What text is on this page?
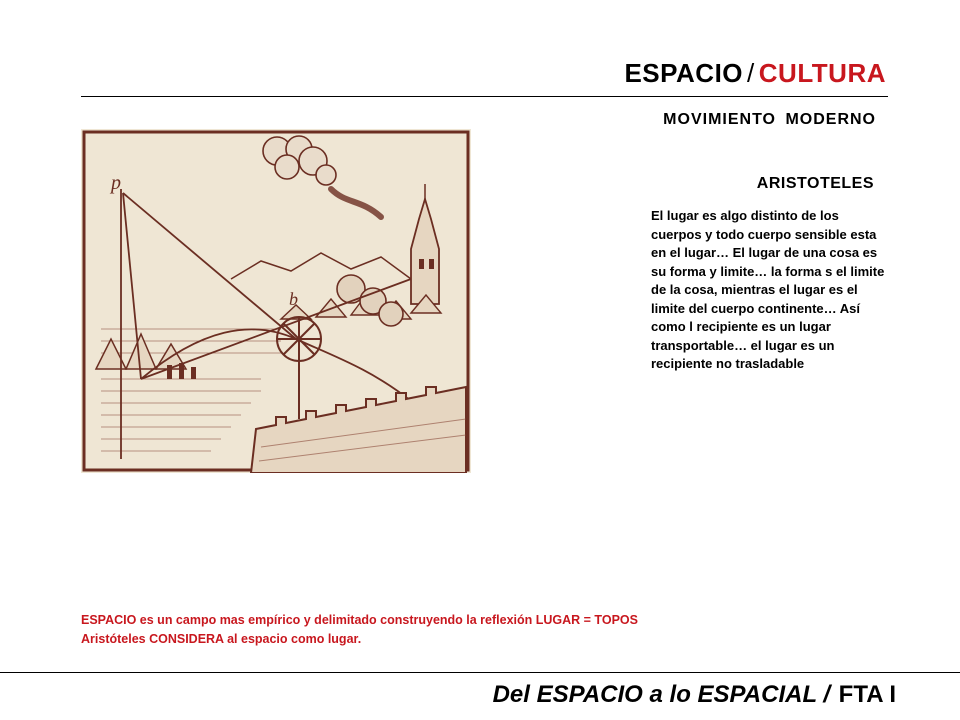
ESPACIO / CULTURA
MOVIMIENTO MODERNO
p
b
ARISTOTELES
El lugar es algo distinto de los cuerpos y todo cuerpo sensible esta en el lugar… El lugar de una cosa es su forma y limite… la forma s el limite de la cosa, mientras el lugar es el limite del cuerpo continente… Así como l recipiente es un lugar transportable… el lugar es un recipiente no trasladable
ESPACIO es un campo mas empírico y delimitado construyendo la reflexión LUGAR = TOPOS
Aristóteles CONSIDERA al espacio como lugar.
Del ESPACIO a lo ESPACIAL / FTA I
